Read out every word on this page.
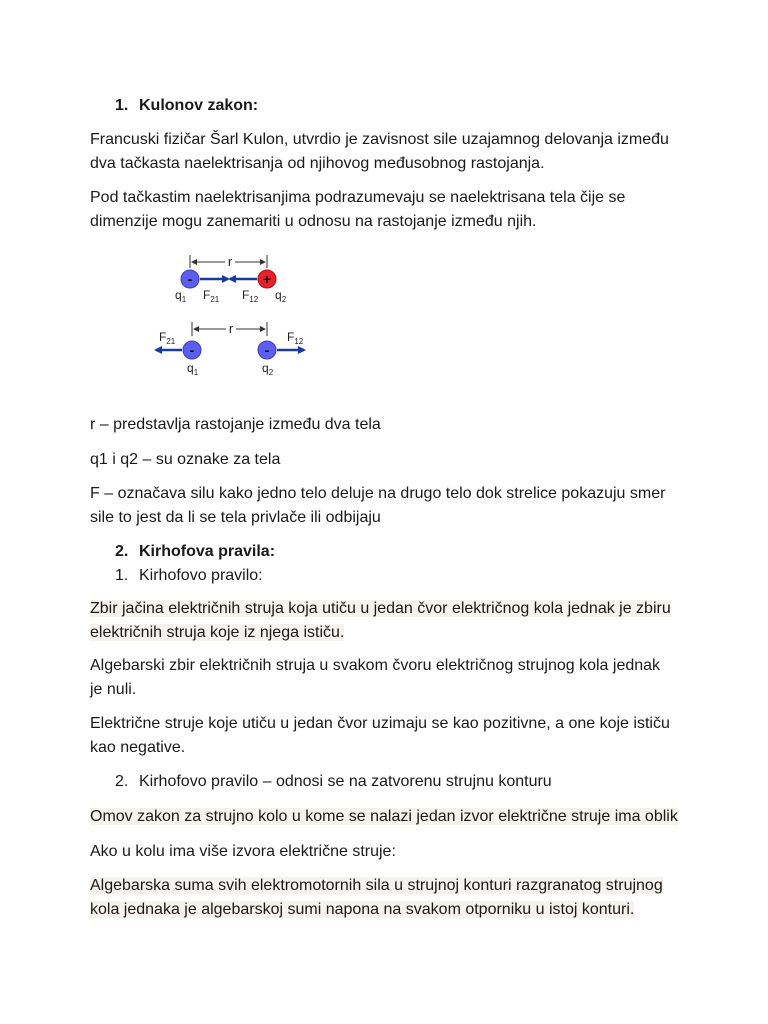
1. Kulonov zakon:

Francuski fizičar Šarl Kulon, utvrdio je zavisnost sile uzajamnog delovanja između
dva tačkasta naelektrisanja od njihovog međusobnog rastojanja.

Pod tačkastim naelektrisanjima podrazumevaju se naelektrisana tela čije se
dimenzije mogu zanemariti u odnosu na rastojanje između njih.

r
-	+
$q_1$ $F_{21}$ $F_{12}$ $q_2$
r
-	-
$F_{21}$	$F_{12}$
$q_1$	$q_2$

r – predstavlja rastojanje između dva tela

q1 i q2 – su oznake za tela

F – označava silu kako jedno telo deluje na drugo telo dok strelice pokazuju smer
sile to jest da li se tela privlače ili odbijaju

2. Kirhofova pravila:

1. Kirhofovo pravilo:

Zbir jačina električnih struja koja utiču u jedan čvor električnog kola jednak je zbiru
električnih struja koje iz njega ističu.

Algebarski zbir električnih struja u svakom čvoru električnog strujnog kola jednak
je nuli.

Električne struje koje utiču u jedan čvor uzimaju se kao pozitivne, a one koje ističu
kao negative.

2. Kirhofovo pravilo – odnosi se na zatvorenu strujnu konturu

Omov zakon za strujno kolo u kome se nalazi jedan izvor električne struje ima oblik

Ako u kolu ima više izvora električne struje:

Algebarska suma svih elektromotornih sila u strujnoj konturi razgranatog strujnog
kola jednaka je algebarskoj sumi napona na svakom otporniku u istoj konturi.
